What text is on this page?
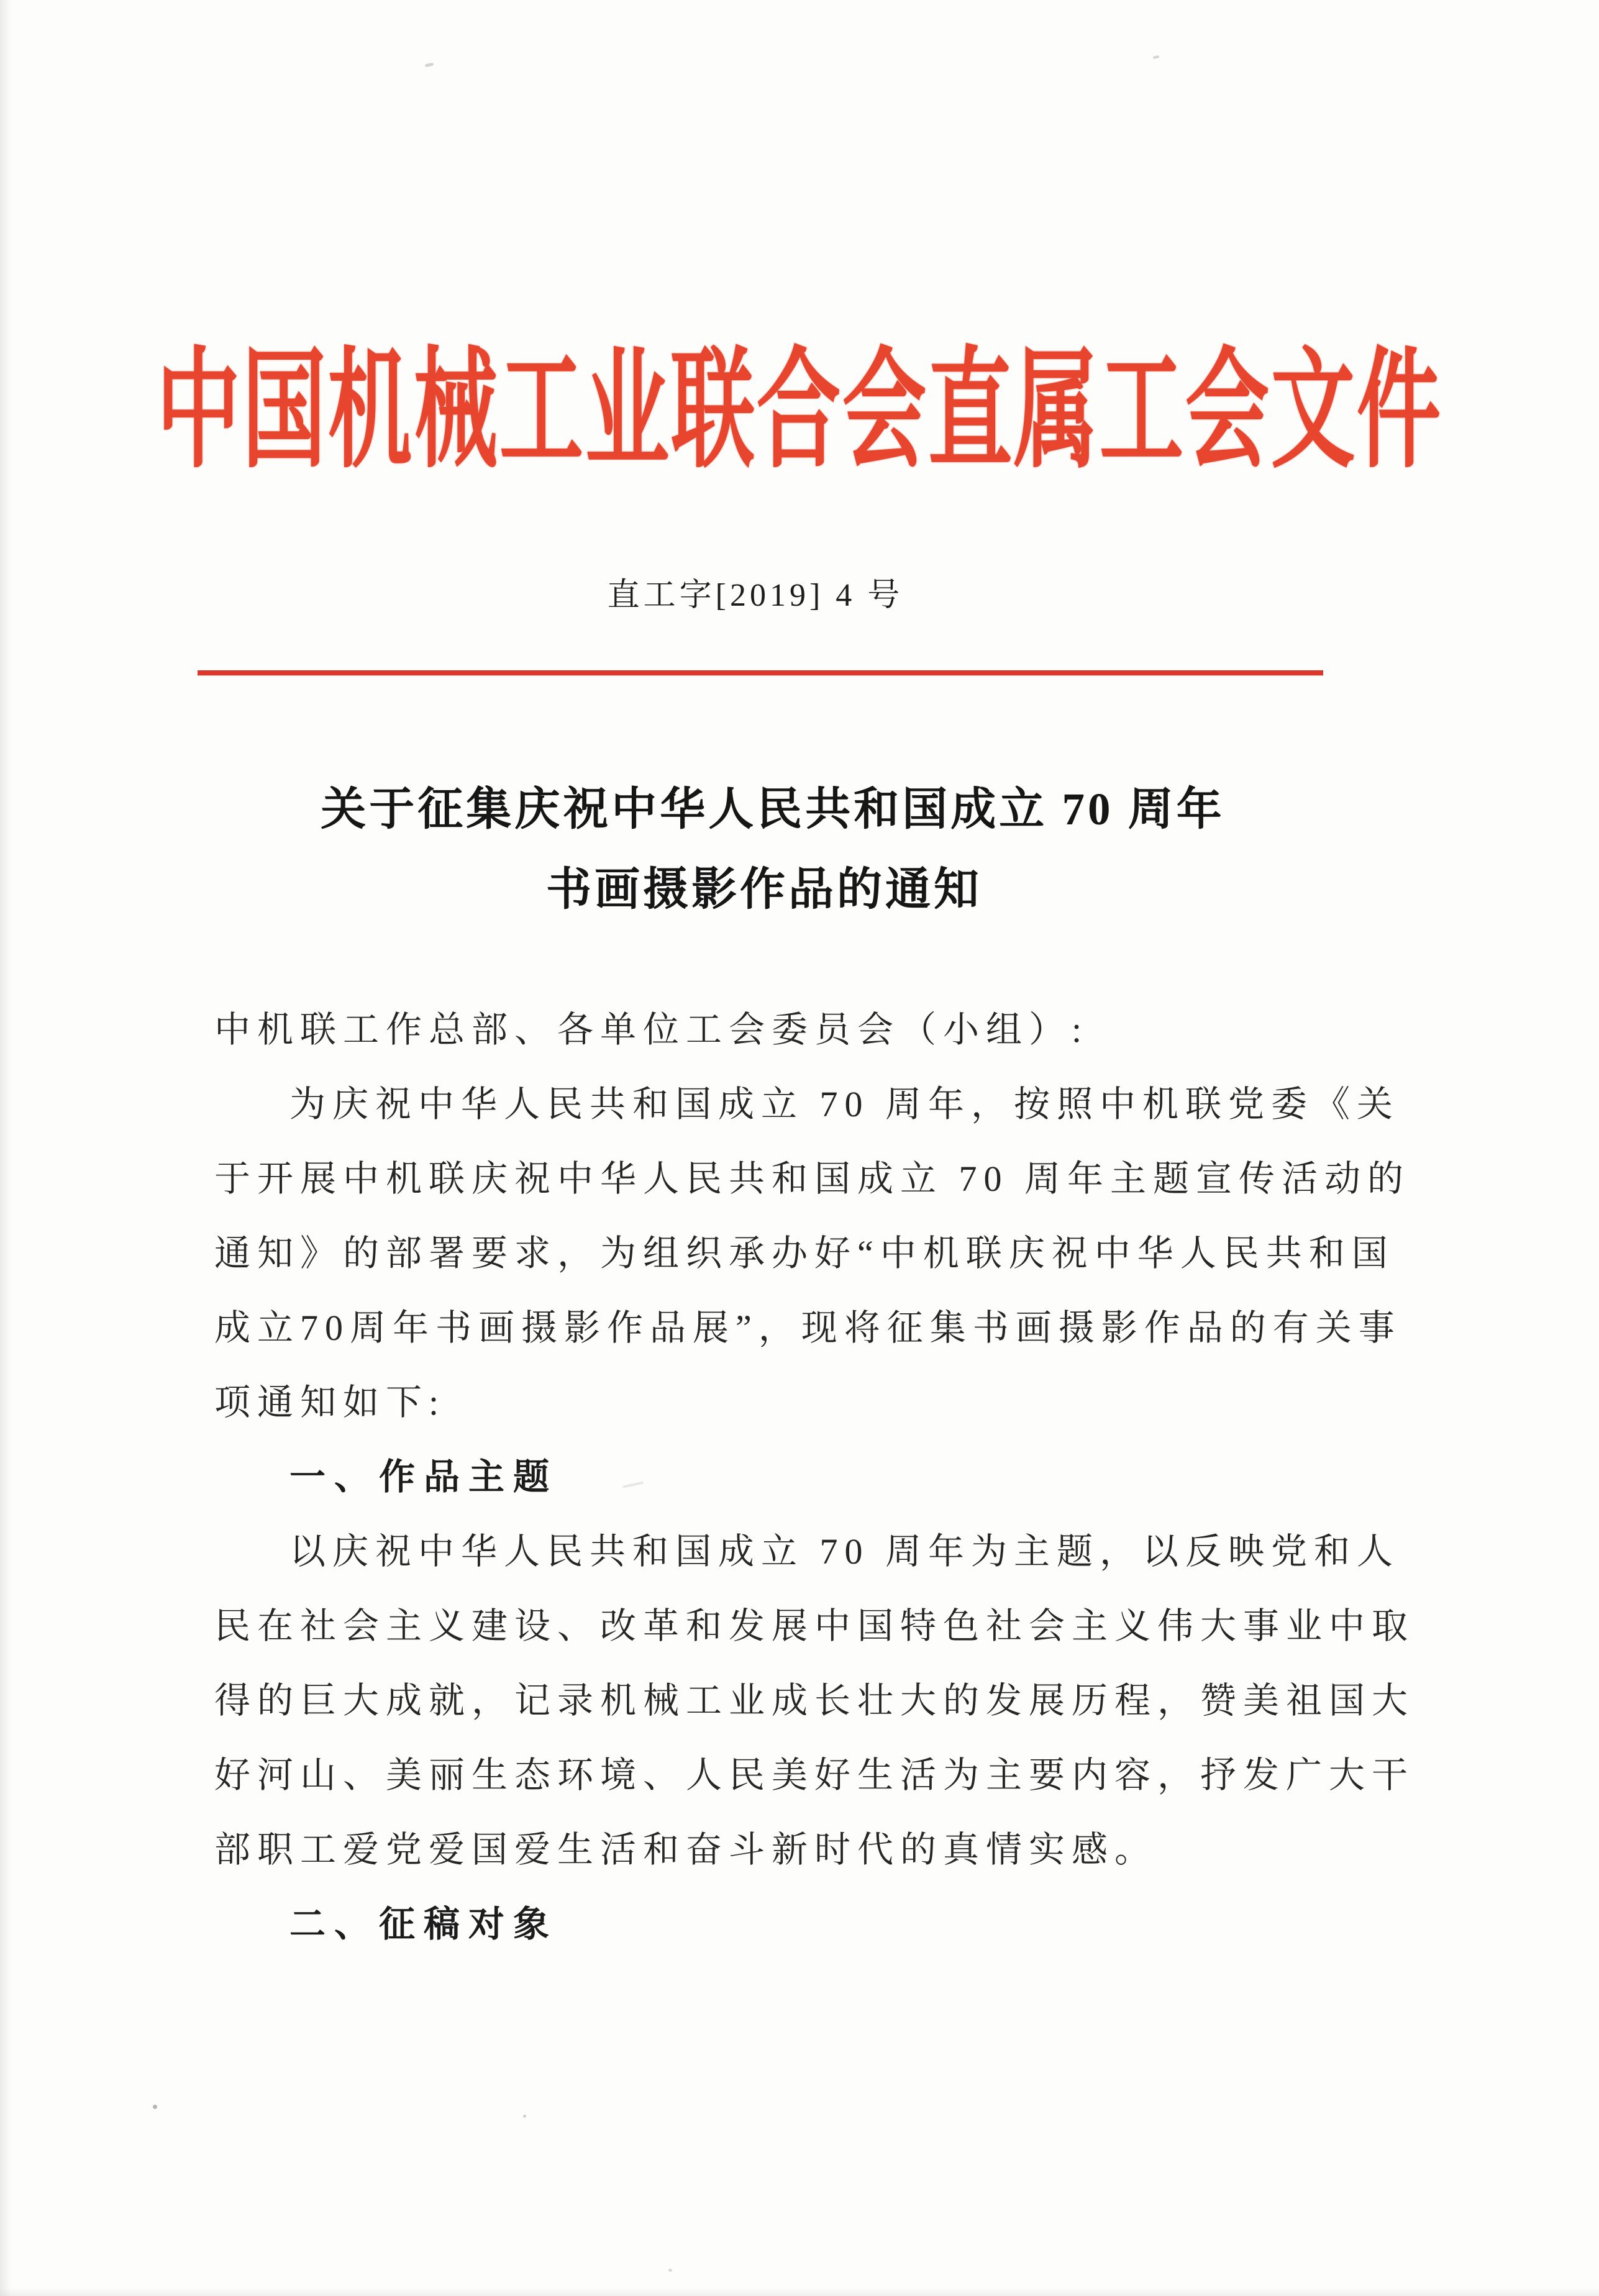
中国机械工业联合会直属工会文件
直工字[2019] 4 号
关于征集庆祝中华人民共和国成立 70 周年
书画摄影作品的通知
中机联工作总部、各单位工会委员会（小组）:
为庆祝中华人民共和国成立 70 周年，按照中机联党委《关
于开展中机联庆祝中华人民共和国成立 70 周年主题宣传活动的
通知》的部署要求，为组织承办好“中机联庆祝中华人民共和国
成立70周年书画摄影作品展”，现将征集书画摄影作品的有关事
项通知如下:
一、作品主题
以庆祝中华人民共和国成立 70 周年为主题，以反映党和人
民在社会主义建设、改革和发展中国特色社会主义伟大事业中取
得的巨大成就，记录机械工业成长壮大的发展历程，赞美祖国大
好河山、美丽生态环境、人民美好生活为主要内容，抒发广大干
部职工爱党爱国爱生活和奋斗新时代的真情实感。
二、征稿对象
